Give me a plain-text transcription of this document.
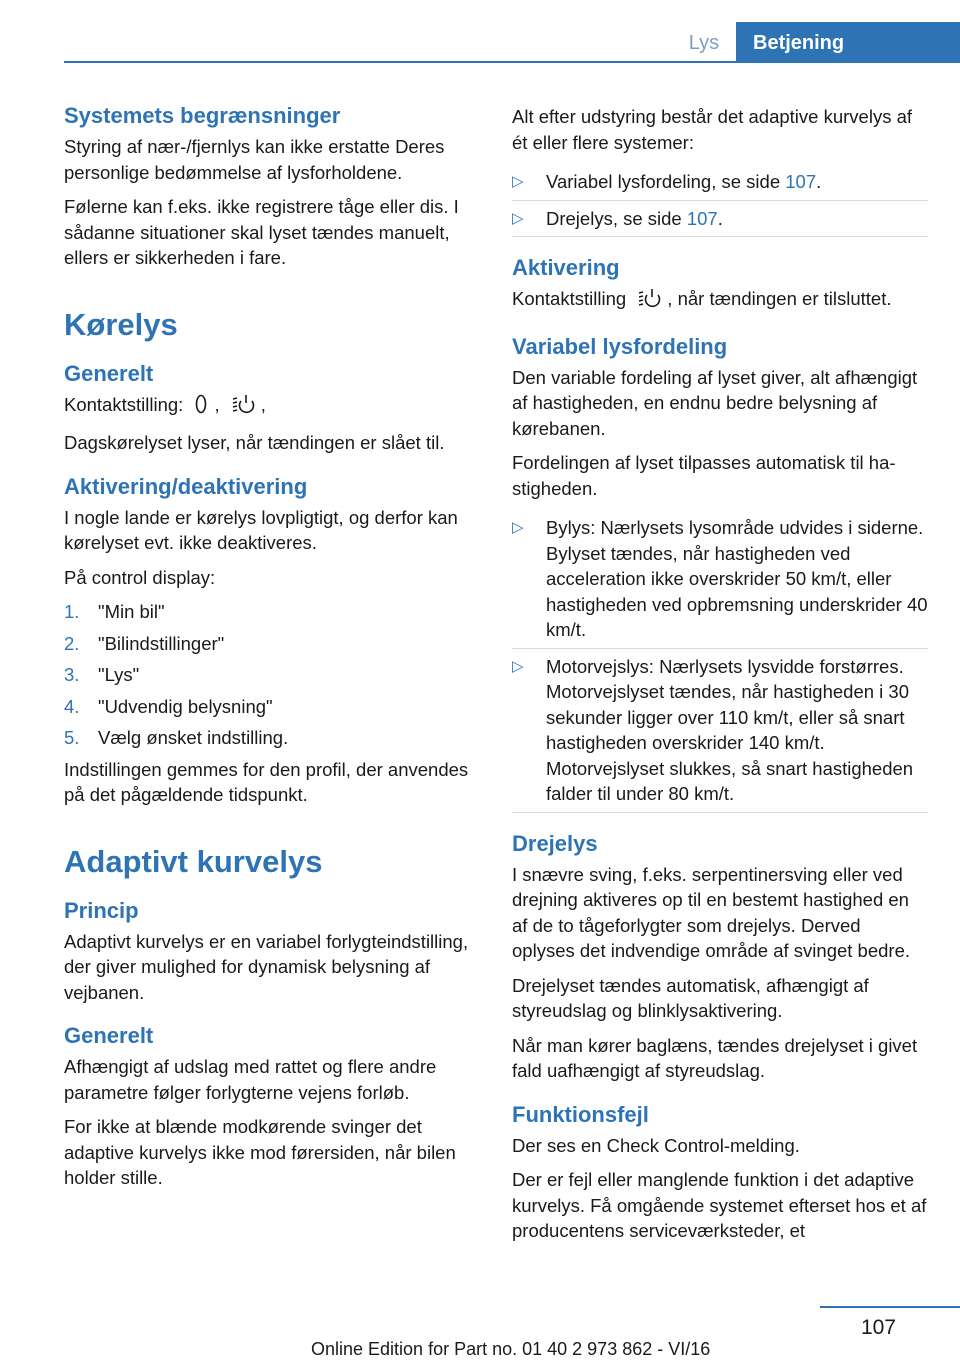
Lys	Betjening
Systemets begrænsninger

Styring af nær-/fjernlys kan ikke erstatte Deres personlige bedømmelse af lysforholdene.

Følerne kan f.eks. ikke registrere tåge eller dis. I sådanne situationer skal lyset tændes manuelt, ellers er sikkerheden i fare.

Kørelys
Generelt

Kontaktstilling: , ,

Dagskørelyset lyser, når tændingen er slået til.

Aktivering/deaktivering

I nogle lande er kørelys lovpligtigt, og derfor kan kørelyset evt. ikke deaktiveres.

På control display:

1. "Min bil"
2. "Bilindstillinger"
3. "Lys"
4. "Udvendig belysning"
5. Vælg ønsket indstilling.

Indstillingen gemmes for den profil, der anvendes på det pågældende tidspunkt.

Adaptivt kurvelys
Princip

Adaptivt kurvelys er en variabel forlygteindstilling, der giver mulighed for dynamisk belysning af vejbanen.

Generelt

Afhængigt af udslag med rattet og flere andre parametre følger forlygterne vejens forløb.

For ikke at blænde modkørende svinger det adaptive kurvelys ikke mod førersiden, når bilen holder stille.

Alt efter udstyring består det adaptive kurvelys af ét eller flere systemer:

▷ Variabel lysfordeling, se side 107.
▷ Drejelys, se side 107.
Aktivering

Kontaktstilling , når tændingen er tilsluttet.

Variabel lysfordeling

Den variable fordeling af lyset giver, alt afhængigt af hastigheden, en endnu bedre belysning af kørebanen.

Fordelingen af lyset tilpasses automatisk til hastigheden.

▷ Bylys: Nærlysets lysområde udvides i siderne. Bylyset tændes, når hastigheden ved acceleration ikke overskrider 50 km/t, eller hastigheden ved opbremsning underskrider 40 km/t.
▷ Motorvejslys: Nærlysets lysvidde forstørres. Motorvejslyset tændes, når hastigheden i 30 sekunder ligger over 110 km/t, eller så snart hastigheden overskrider 140 km/t. Motorvejslyset slukkes, så snart hastigheden falder til under 80 km/t.
Drejelys

I snævre sving, f.eks. serpentinersving eller ved drejning aktiveres op til en bestemt hastighed en af de to tågeforlygter som drejelys. Derved oplyses det indvendige område af svinget bedre.

Drejelyset tændes automatisk, afhængigt af styreudslag og blinklysaktivering.

Når man kører baglæns, tændes drejelyset i givet fald uafhængigt af styreudslag.

Funktionsfejl

Der ses en Check Control-melding.

Der er fejl eller manglende funktion i det adaptive kurvelys. Få omgående systemet efterset hos et af producentens serviceværksteder, et

107
Online Edition for Part no. 01 40 2 973 862 - VI/16
